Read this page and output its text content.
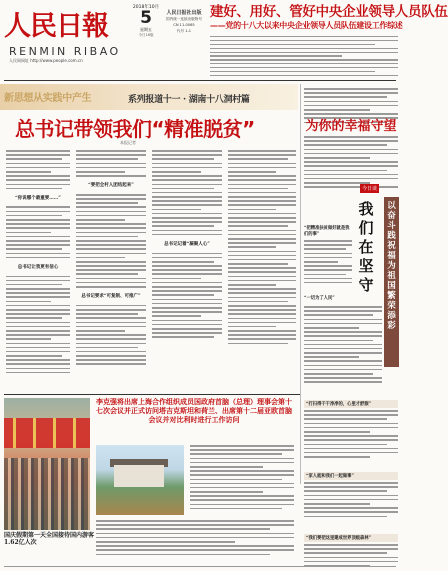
人民日報
RENMIN RIBAO
人民网网址 http://www.people.com.cn
2018年10月
5
星期五
今日16版
人民日报社出版
国内统一连续出版物号
CN 11-0065
代号 1-1
建好、用好、管好中央企业领导人员队伍
——党的十八大以来中央企业领导人员队伍建设工作综述
新思想从实践中产生	系列报道十一 · 湖南十八洞村篇
总书记带领我们“精准脱贫”
本报记者
“你说哪个最重要……”
总书记让我更有信心
“要把全村人团结起来”
总书记要求“可复制、可推广”
总书记记着“凝聚人心”
为你的幸福守望
今日谈
我们在坚守
以奋斗践祝福 为祖国繁荣添彩
“把精准扶贫做好就是我们的事”
“一切为了人民”
“打扫得干干净净的，心里才舒服”
“家人能和我们一起做事”
“我们要把这里建成世界顶级森林”
国庆假期第一天全国接待国内游客1.62亿人次
李克强将出席上海合作组织成员国政府首脑（总理）理事会第十七次会议并正式访问塔吉克斯坦和荷兰、出席第十二届亚欧首脑会议并对比利时进行工作访问
